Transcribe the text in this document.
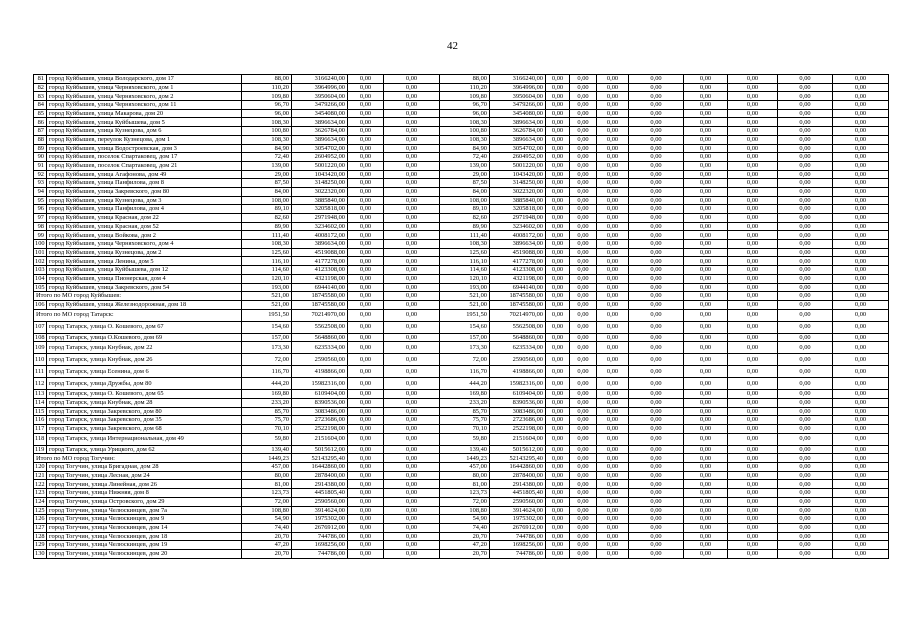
42
81	город Куйбышев, улица Володарского, дом 17	88,00	3166240,00	0,00	0,00	88,00	3166240,00	0,00	0,00	0,00	0,00	0,00	0,00	0,00	0,00
82	город Куйбышев, улица Черняховского, дом 1	110,20	3964996,00	0,00	0,00	110,20	3964996,00	0,00	0,00	0,00	0,00	0,00	0,00	0,00	0,00
83	город Куйбышев, улица Черняховского, дом 2	109,80	3950604,00	0,00	0,00	109,80	3950604,00	0,00	0,00	0,00	0,00	0,00	0,00	0,00	0,00
84	город Куйбышев, улица Черняховского, дом 11	96,70	3479266,00	0,00	0,00	96,70	3479266,00	0,00	0,00	0,00	0,00	0,00	0,00	0,00	0,00
85	город Куйбышев, улица Макарова, дом 20	96,00	3454080,00	0,00	0,00	96,00	3454080,00	0,00	0,00	0,00	0,00	0,00	0,00	0,00	0,00
86	город Куйбышев, улица Куйбышева, дом 5	108,30	3896634,00	0,00	0,00	108,30	3896634,00	0,00	0,00	0,00	0,00	0,00	0,00	0,00	0,00
87	город Куйбышев, улица Кузнецова, дом 6	100,80	3626784,00	0,00	0,00	100,80	3626784,00	0,00	0,00	0,00	0,00	0,00	0,00	0,00	0,00
88	город Куйбышев, переулок Кузнецова, дом 1	108,30	3896634,00	0,00	0,00	108,30	3896634,00	0,00	0,00	0,00	0,00	0,00	0,00	0,00	0,00
89	город Куйбышев, улица Водостроевская, дом 3	84,90	3054702,00	0,00	0,00	84,90	3054702,00	0,00	0,00	0,00	0,00	0,00	0,00	0,00	0,00
90	город Куйбышев, поселок Спартаковец, дом 17	72,40	2604952,00	0,00	0,00	72,40	2604952,00	0,00	0,00	0,00	0,00	0,00	0,00	0,00	0,00
91	город Куйбышев, поселок Спартаковец, дом 21	139,00	5001220,00	0,00	0,00	139,00	5001220,00	0,00	0,00	0,00	0,00	0,00	0,00	0,00	0,00
92	город Куйбышев, улица Агафонова, дом 49	29,00	1043420,00	0,00	0,00	29,00	1043420,00	0,00	0,00	0,00	0,00	0,00	0,00	0,00	0,00
93	город Куйбышев, улица Панфилова, дом 8	87,50	3148250,00	0,00	0,00	87,50	3148250,00	0,00	0,00	0,00	0,00	0,00	0,00	0,00	0,00
94	город Куйбышев, улица Закревского, дом 80	84,00	3022320,00	0,00	0,00	84,00	3022320,00	0,00	0,00	0,00	0,00	0,00	0,00	0,00	0,00
95	город Куйбышев, улица Кузнецова, дом 3	108,00	3885840,00	0,00	0,00	108,00	3885840,00	0,00	0,00	0,00	0,00	0,00	0,00	0,00	0,00
96	город Куйбышев, улица Панфилова, дом 4	89,10	3205818,00	0,00	0,00	89,10	3205818,00	0,00	0,00	0,00	0,00	0,00	0,00	0,00	0,00
97	город Куйбышев, улица Красная, дом 22	82,60	2971948,00	0,00	0,00	82,60	2971948,00	0,00	0,00	0,00	0,00	0,00	0,00	0,00	0,00
98	город Куйбышев, улица Красная, дом 52	89,90	3234602,00	0,00	0,00	89,90	3234602,00	0,00	0,00	0,00	0,00	0,00	0,00	0,00	0,00
99	город Куйбышев, улица Войкова, дом 2	111,40	4008172,00	0,00	0,00	111,40	4008172,00	0,00	0,00	0,00	0,00	0,00	0,00	0,00	0,00
100	город Куйбышев, улица Черняховского, дом 4	108,30	3896634,00	0,00	0,00	108,30	3896634,00	0,00	0,00	0,00	0,00	0,00	0,00	0,00	0,00
101	город Куйбышев, улица Кузнецова, дом 2	125,60	4519088,00	0,00	0,00	125,60	4519088,00	0,00	0,00	0,00	0,00	0,00	0,00	0,00	0,00
102	город Куйбышев, улица Ленина, дом 5	116,10	4177278,00	0,00	0,00	116,10	4177278,00	0,00	0,00	0,00	0,00	0,00	0,00	0,00	0,00
103	город Куйбышев, улица Куйбышева, дом 12	114,60	4123308,00	0,00	0,00	114,60	4123308,00	0,00	0,00	0,00	0,00	0,00	0,00	0,00	0,00
104	город Куйбышев, улица Пионерская, дом 4	120,10	4321198,00	0,00	0,00	120,10	4321198,00	0,00	0,00	0,00	0,00	0,00	0,00	0,00	0,00
105	город Куйбышев, улица Закревского, дом 54	193,00	6944140,00	0,00	0,00	193,00	6944140,00	0,00	0,00	0,00	0,00	0,00	0,00	0,00	0,00
Итого по МО город Куйбышев:		521,00	18745580,00	0,00	0,00	521,00	18745580,00	0,00	0,00	0,00	0,00	0,00	0,00	0,00	0,00
106	город Куйбышев, улица Железнодорожная, дом 18	521,00	18745580,00	0,00	0,00	521,00	18745580,00	0,00	0,00	0,00	0,00	0,00	0,00	0,00	0,00
Итого по МО город Татарск:		1951,50	70214970,00	0,00	0,00	1951,50	70214970,00	0,00	0,00	0,00	0,00	0,00	0,00	0,00	0,00
107	город Татарск, улица О. Кошевого, дом 67	154,60	5562508,00	0,00	0,00	154,60	5562508,00	0,00	0,00	0,00	0,00	0,00	0,00	0,00	0,00
108	город Татарск, улица О.Кошевого, дом 69	157,00	5648860,00	0,00	0,00	157,00	5648860,00	0,00	0,00	0,00	0,00	0,00	0,00	0,00	0,00
109	город Татарск, улица Кнубнак, дом 22	173,30	6235334,00	0,00	0,00	173,30	6235334,00	0,00	0,00	0,00	0,00	0,00	0,00	0,00	0,00
110	город Татарск, улица Кнубнак, дом 26	72,00	2590560,00	0,00	0,00	72,00	2590560,00	0,00	0,00	0,00	0,00	0,00	0,00	0,00	0,00
111	город Татарск, улица Есенина, дом 6	116,70	4198866,00	0,00	0,00	116,70	4198866,00	0,00	0,00	0,00	0,00	0,00	0,00	0,00	0,00
112	город Татарск, улица Дружбы, дом 80	444,20	15982316,00	0,00	0,00	444,20	15982316,00	0,00	0,00	0,00	0,00	0,00	0,00	0,00	0,00
113	город Татарск, улица О. Кошевого, дом 65	169,80	6109404,00	0,00	0,00	169,80	6109404,00	0,00	0,00	0,00	0,00	0,00	0,00	0,00	0,00
114	город Татарск, улица Кнубнак, дом 28	233,20	8390536,00	0,00	0,00	233,20	8390536,00	0,00	0,00	0,00	0,00	0,00	0,00	0,00	0,00
115	город Татарск, улица Закревского, дом 80	85,70	3083486,00	0,00	0,00	85,70	3083486,00	0,00	0,00	0,00	0,00	0,00	0,00	0,00	0,00
116	город Татарск, улица Закревского, дом 35	75,70	2723686,00	0,00	0,00	75,70	2723686,00	0,00	0,00	0,00	0,00	0,00	0,00	0,00	0,00
117	город Татарск, улица Закревского, дом 68	70,10	2522198,00	0,00	0,00	70,10	2522198,00	0,00	0,00	0,00	0,00	0,00	0,00	0,00	0,00
118	город Татарск, улица Интернациональная, дом 49	59,80	2151604,00	0,00	0,00	59,80	2151604,00	0,00	0,00	0,00	0,00	0,00	0,00	0,00	0,00
119	город Татарск, улица Урицкого, дом 62	139,40	5015612,00	0,00	0,00	139,40	5015612,00	0,00	0,00	0,00	0,00	0,00	0,00	0,00	0,00
Итого по МО город Тогучин:		1449,23	52143295,40	0,00	0,00	1449,23	52143295,40	0,00	0,00	0,00	0,00	0,00	0,00	0,00	0,00
120	город Тогучин, улица Бригадная, дом 28	457,00	16442860,00	0,00	0,00	457,00	16442860,00	0,00	0,00	0,00	0,00	0,00	0,00	0,00	0,00
121	город Тогучин, улица Лесная, дом 24	80,00	2878400,00	0,00	0,00	80,00	2878400,00	0,00	0,00	0,00	0,00	0,00	0,00	0,00	0,00
122	город Тогучин, улица Линейная, дом 26	81,00	2914380,00	0,00	0,00	81,00	2914380,00	0,00	0,00	0,00	0,00	0,00	0,00	0,00	0,00
123	город Тогучин, улица Нижняя, дом 8	123,73	4451805,40	0,00	0,00	123,73	4451805,40	0,00	0,00	0,00	0,00	0,00	0,00	0,00	0,00
124	город Тогучин, улица Островского, дом 29	72,00	2590560,00	0,00	0,00	72,00	2590560,00	0,00	0,00	0,00	0,00	0,00	0,00	0,00	0,00
125	город Тогучин, улица Челюскинцев, дом 7а	108,80	3914624,00	0,00	0,00	108,80	3914624,00	0,00	0,00	0,00	0,00	0,00	0,00	0,00	0,00
126	город Тогучин, улица Челюскинцев, дом 9	54,90	1975302,00	0,00	0,00	54,90	1975302,00	0,00	0,00	0,00	0,00	0,00	0,00	0,00	0,00
127	город Тогучин, улица Челюскинцев, дом 14	74,40	2676912,00	0,00	0,00	74,40	2676912,00	0,00	0,00	0,00	0,00	0,00	0,00	0,00	0,00
128	город Тогучин, улица Челюскинцев, дом 18	20,70	744786,00	0,00	0,00	20,70	744786,00	0,00	0,00	0,00	0,00	0,00	0,00	0,00	0,00
129	город Тогучин, улица Челюскинцев, дом 19	47,20	1698256,00	0,00	0,00	47,20	1698256,00	0,00	0,00	0,00	0,00	0,00	0,00	0,00	0,00
130	город Тогучин, улица Челюскинцев, дом 20	20,70	744786,00	0,00	0,00	20,70	744786,00	0,00	0,00	0,00	0,00	0,00	0,00	0,00	0,00
